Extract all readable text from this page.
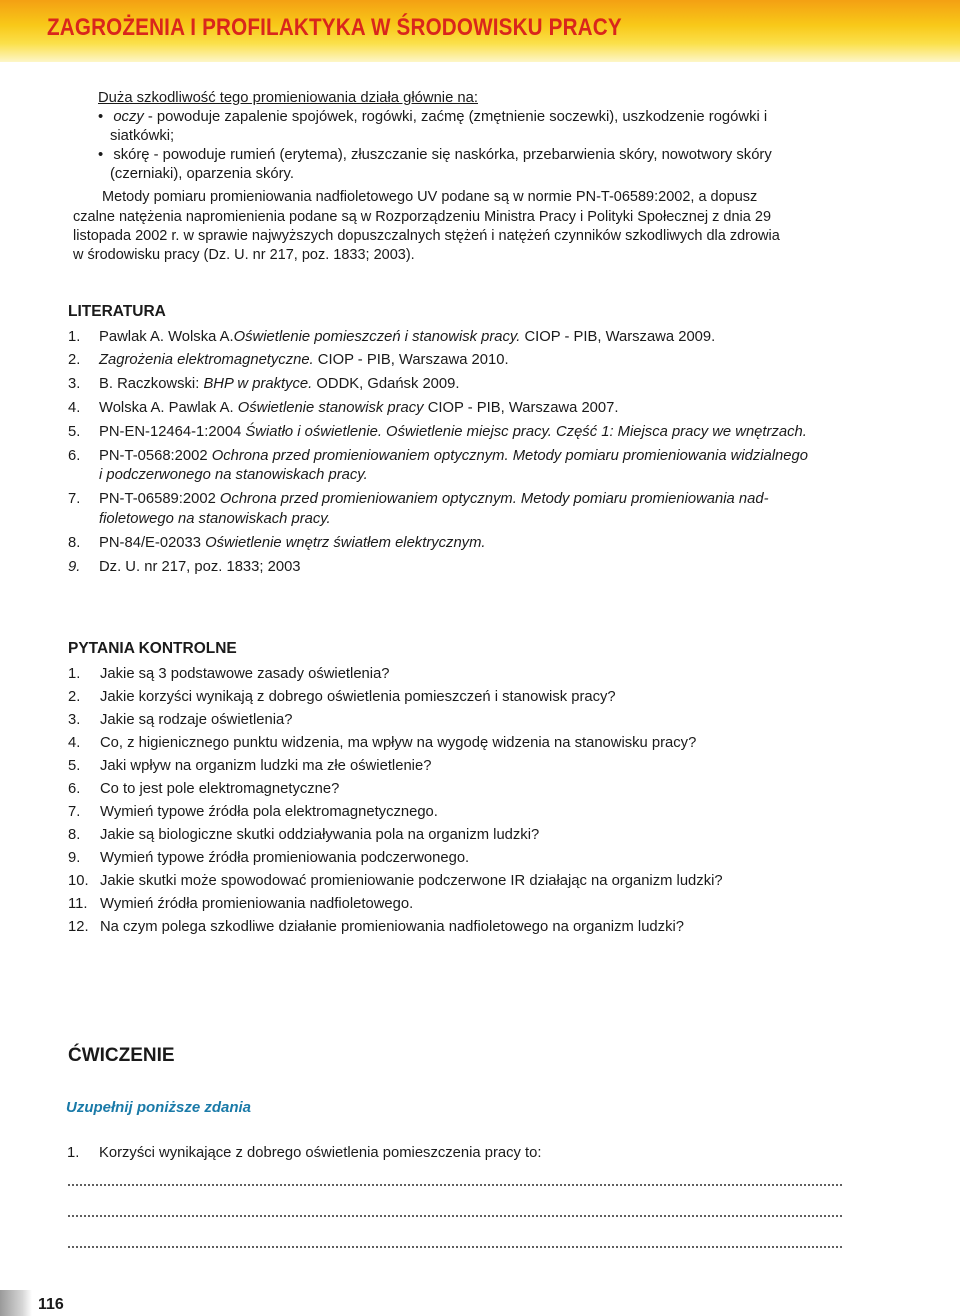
ZAGROŻENIA I PROFILAKTYKA W ŚRODOWISKU PRACY
Duża szkodliwość tego promieniowania działa głównie na:
• oczy - powoduje zapalenie spojówek, rogówki, zaćmę (zmętnienie soczewki), uszkodzenie rogówki i
siatkówki;
• skórę - powoduje rumień (erytema), złuszczanie się naskórka, przebarwienia skóry, nowotwory skóry
(czerniaki), oparzenia skóry.
Metody pomiaru promieniowania nadfioletowego UV podane są w normie PN-T-06589:2002, a dopusz
czalne natężenia napromienienia podane są w Rozporządzeniu Ministra Pracy i Polityki Społecznej z dnia 29
listopada 2002 r. w sprawie najwyższych dopuszczalnych stężeń i natężeń czynników szkodliwych dla zdrowia
w środowisku pracy (Dz. U. nr 217, poz. 1833; 2003).
LITERATURA
1. Pawlak A. Wolska A.Oświetlenie pomieszczeń i stanowisk pracy. CIOP - PIB, Warszawa 2009.
2. Zagrożenia elektromagnetyczne. CIOP - PIB, Warszawa 2010.
3. B. Raczkowski: BHP w praktyce. ODDK, Gdańsk 2009.
4. Wolska A. Pawlak A. Oświetlenie stanowisk pracy CIOP - PIB, Warszawa 2007.
5. PN-EN-12464-1:2004 Światło i oświetlenie. Oświetlenie miejsc pracy. Część 1: Miejsca pracy we wnętrzach.
6. PN-T-0568:2002 Ochrona przed promieniowaniem optycznym. Metody pomiaru promieniowania widzialnego
i podczerwonego na stanowiskach pracy.
7. PN-T-06589:2002 Ochrona przed promieniowaniem optycznym. Metody pomiaru promieniowania nad-
fioletowego na stanowiskach pracy.
8. PN-84/E-02033 Oświetlenie wnętrz światłem elektrycznym.
9. Dz. U. nr 217, poz. 1833; 2003
PYTANIA KONTROLNE
1. Jakie są 3 podstawowe zasady oświetlenia?
2. Jakie korzyści wynikają z dobrego oświetlenia pomieszczeń i stanowisk pracy?
3. Jakie są rodzaje oświetlenia?
4. Co, z higienicznego punktu widzenia, ma wpływ na wygodę widzenia na stanowisku pracy?
5. Jaki wpływ na organizm ludzki ma złe oświetlenie?
6. Co to jest pole elektromagnetyczne?
7. Wymień typowe źródła pola elektromagnetycznego.
8. Jakie są biologiczne skutki oddziaływania pola na organizm ludzki?
9. Wymień typowe źródła promieniowania podczerwonego.
10. Jakie skutki może spowodować promieniowanie podczerwone IR działając na organizm ludzki?
11. Wymień źródła promieniowania nadfioletowego.
12. Na czym polega szkodliwe działanie promieniowania nadfioletowego na organizm ludzki?
ĆWICZENIE
Uzupełnij poniższe zdania
1. Korzyści wynikające z dobrego oświetlenia pomieszczenia pracy to:
116
